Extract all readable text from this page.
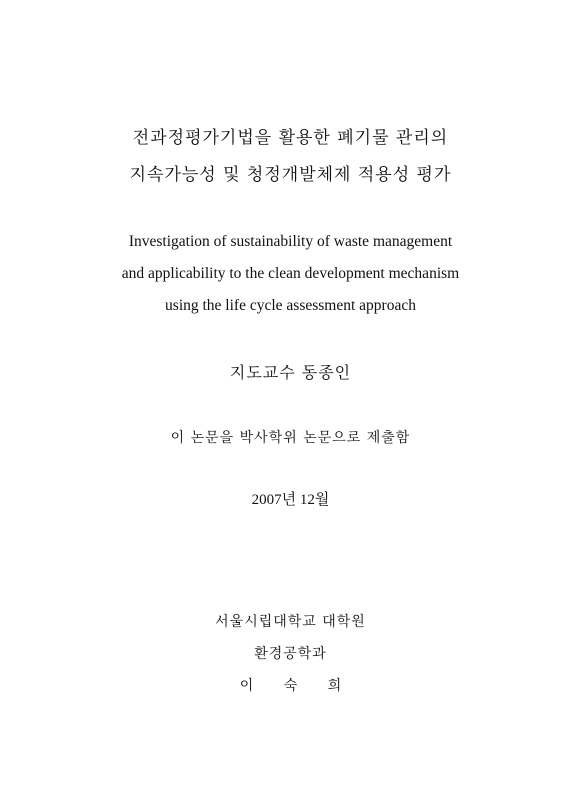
전과정평가기법을 활용한 폐기물 관리의
지속가능성 및 청정개발체제 적용성 평가
Investigation of sustainability of waste management
and applicability to the clean development mechanism
using the life cycle assessment approach
지도교수 동종인
이 논문을 박사학위 논문으로 제출함
2007년 12월
서울시립대학교 대학원
환경공학과
이 숙 희
